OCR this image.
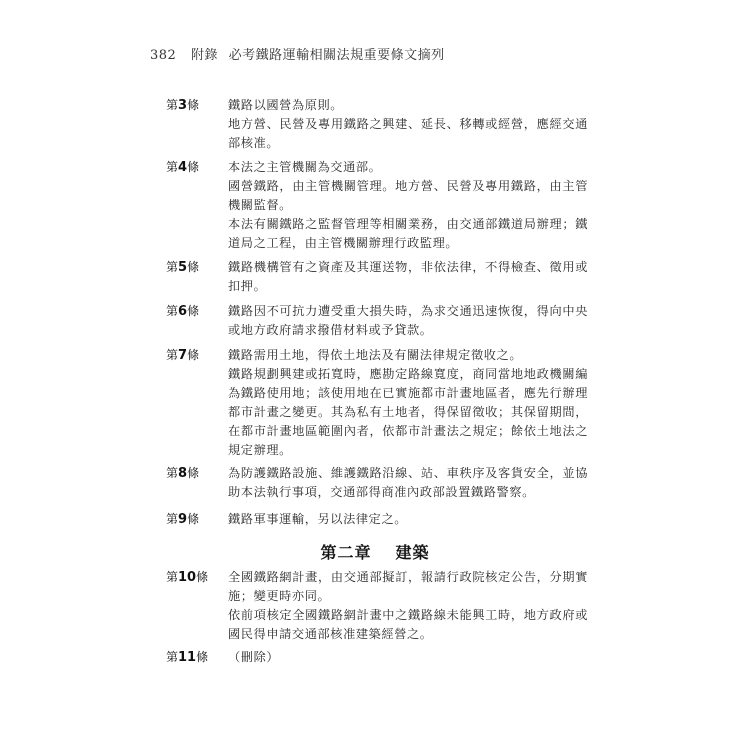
382 附錄 必考鐵路運輸相關法規重要條文摘列
第二章 建築
第3條 鐵路以國營為原則。
地方營、民營及專用鐵路之興建、延長、移轉或經營，應經交通部核准。
第4條 本法之主管機關為交通部。
國營鐵路，由主管機關管理。地方營、民營及專用鐵路，由主管機關監督。
本法有關鐵路之監督管理等相關業務，由交通部鐵道局辦理；鐵道局之工程，由主管機關辦理行政監理。
第5條 鐵路機構管有之資產及其運送物，非依法律，不得檢查、徵用或扣押。
第6條 鐵路因不可抗力遭受重大損失時，為求交通迅速恢復，得向中央或地方政府請求撥借材料或予貸款。
第7條 鐵路需用土地，得依土地法及有關法律規定徵收之。
鐵路規劃興建或拓寬時，應勘定路線寬度，商同當地地政機關編為鐵路使用地；該使用地在已實施都市計畫地區者，應先行辦理都市計畫之變更。其為私有土地者，得保留徵收；其保留期間，在都市計畫地區範圍內者，依都市計畫法之規定；餘依土地法之規定辦理。
第8條 為防護鐵路設施、維護鐵路沿線、站、車秩序及客貨安全，並協助本法執行事項，交通部得商准內政部設置鐵路警察。
第9條 鐵路軍事運輸，另以法律定之。
第10條 全國鐵路網計畫，由交通部擬訂，報請行政院核定公告，分期實施；變更時亦同。
依前項核定全國鐵路網計畫中之鐵路線未能興工時，地方政府或國民得申請交通部核准建築經營之。
第11條 （刪除）
